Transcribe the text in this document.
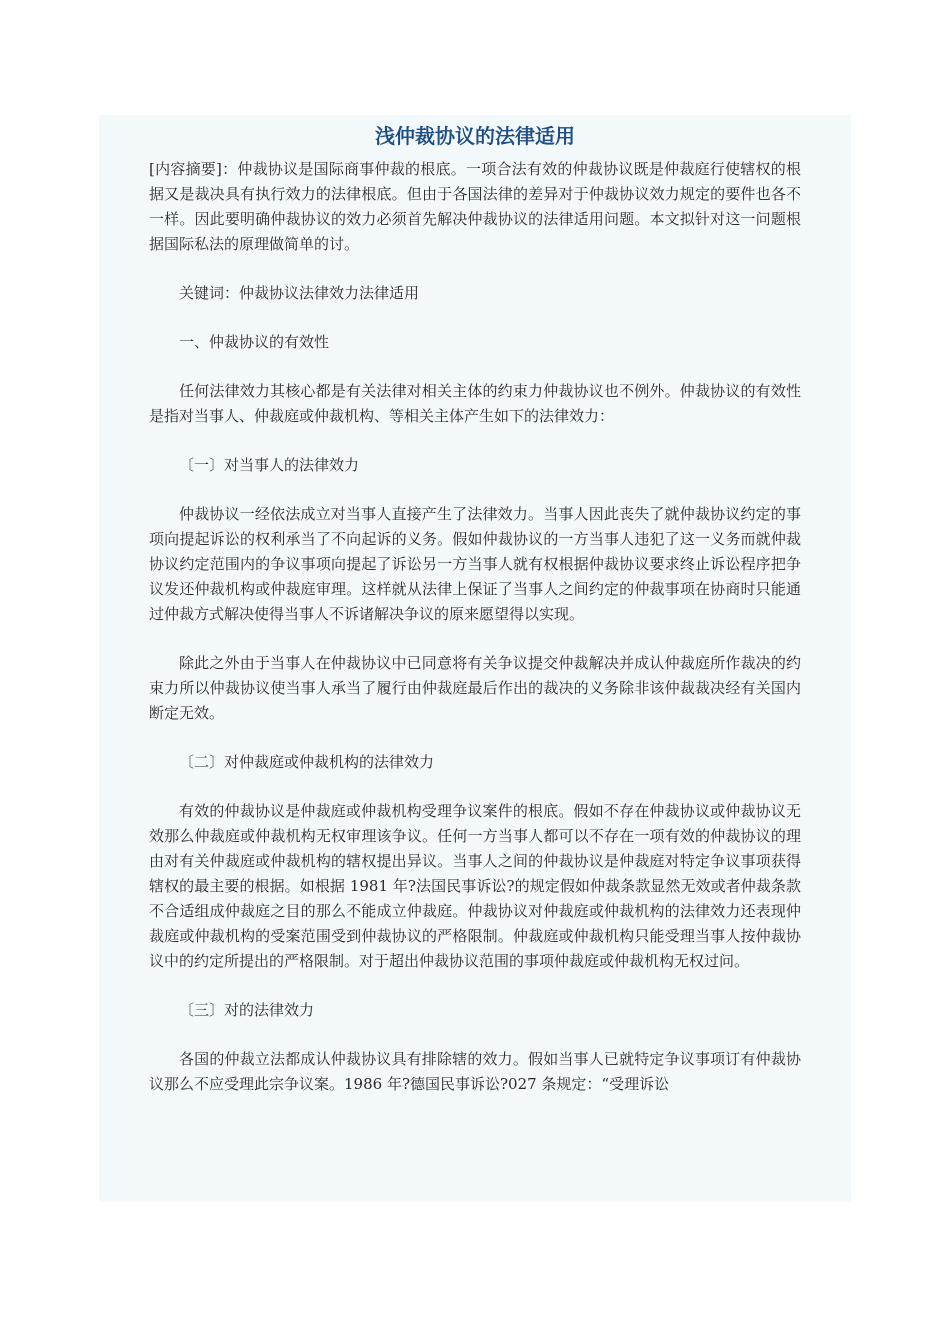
浅仲裁协议的法律适用

[内容摘要]：仲裁协议是国际商事仲裁的根底。一项合法有效的仲裁协议既是仲裁庭行使辖权的根据又是裁决具有执行效力的法律根底。但由于各国法律的差异对于仲裁协议效力规定的要件也各不一样。因此要明确仲裁协议的效力必须首先解决仲裁协议的法律适用问题。本文拟针对这一问题根据国际私法的原理做简单的讨。

关键词：仲裁协议法律效力法律适用

一、仲裁协议的有效性

任何法律效力其核心都是有关法律对相关主体的约束力仲裁协议也不例外。仲裁协议的有效性是指对当事人、仲裁庭或仲裁机构、等相关主体产生如下的法律效力：

〔一〕对当事人的法律效力

仲裁协议一经依法成立对当事人直接产生了法律效力。当事人因此丧失了就仲裁协议约定的事项向提起诉讼的权利承当了不向起诉的义务。假如仲裁协议的一方当事人违犯了这一义务而就仲裁协议约定范围内的争议事项向提起了诉讼另一方当事人就有权根据仲裁协议要求终止诉讼程序把争议发还仲裁机构或仲裁庭审理。这样就从法律上保证了当事人之间约定的仲裁事项在协商时只能通过仲裁方式解决使得当事人不诉诸解决争议的原来愿望得以实现。

除此之外由于当事人在仲裁协议中已同意将有关争议提交仲裁解决并成认仲裁庭所作裁决的约束力所以仲裁协议使当事人承当了履行由仲裁庭最后作出的裁决的义务除非该仲裁裁决经有关国内断定无效。

〔二〕对仲裁庭或仲裁机构的法律效力

有效的仲裁协议是仲裁庭或仲裁机构受理争议案件的根底。假如不存在仲裁协议或仲裁协议无效那么仲裁庭或仲裁机构无权审理该争议。任何一方当事人都可以不存在一项有效的仲裁协议的理由对有关仲裁庭或仲裁机构的辖权提出异议。当事人之间的仲裁协议是仲裁庭对特定争议事项获得辖权的最主要的根据。如根据 1981 年?法国民事诉讼?的规定假如仲裁条款显然无效或者仲裁条款不合适组成仲裁庭之目的那么不能成立仲裁庭。仲裁协议对仲裁庭或仲裁机构的法律效力还表现仲裁庭或仲裁机构的受案范围受到仲裁协议的严格限制。仲裁庭或仲裁机构只能受理当事人按仲裁协议中的约定所提出的严格限制。对于超出仲裁协议范围的事项仲裁庭或仲裁机构无权过问。

〔三〕对的法律效力

各国的仲裁立法都成认仲裁协议具有排除辖的效力。假如当事人已就特定争议事项订有仲裁协议那么不应受理此宗争议案。1986 年?德国民事诉讼?027 条规定：“受理诉讼
